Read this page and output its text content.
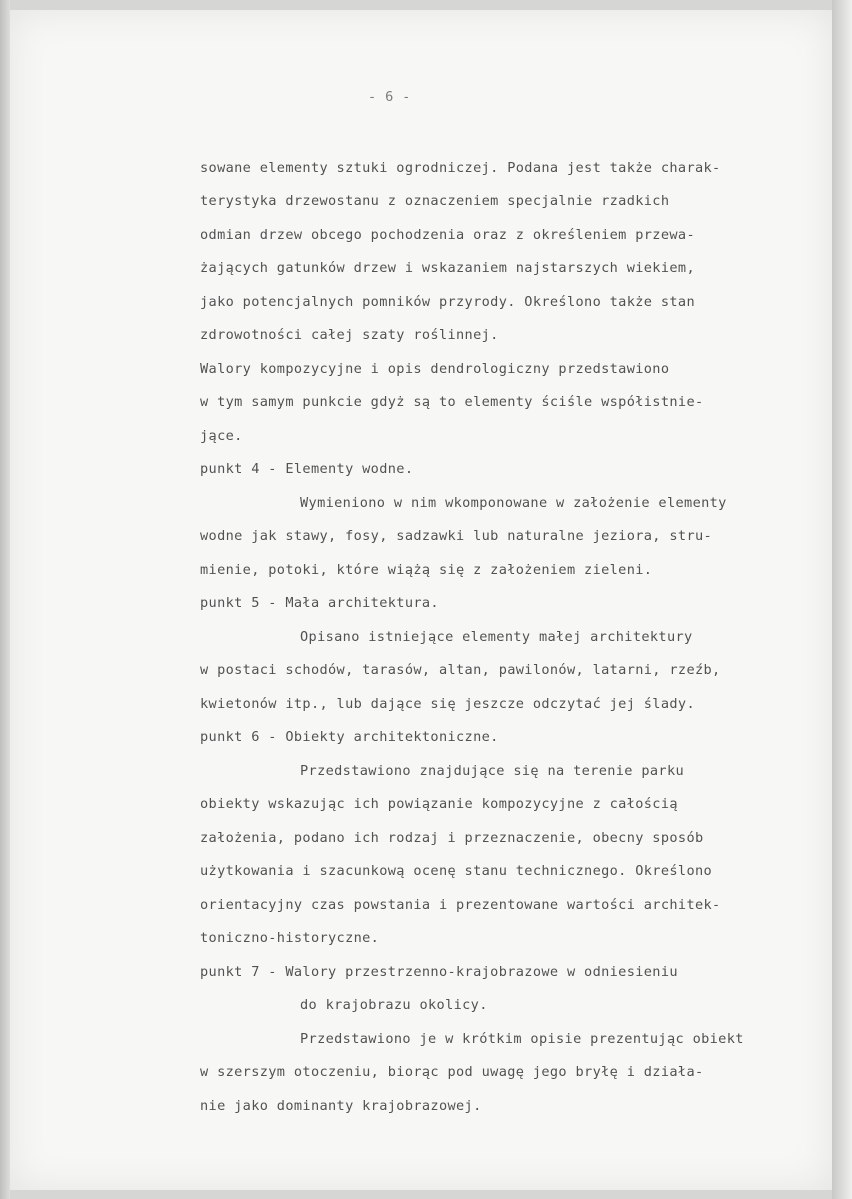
- 6 -
sowane elementy sztuki ogrodniczej. Podana jest także charak-
terystyka drzewostanu z oznaczeniem specjalnie rzadkich
odmian drzew obcego pochodzenia oraz z określeniem przewa-
żających gatunków drzew i wskazaniem najstarszych wiekiem,
jako potencjalnych pomników przyrody. Określono także stan
zdrowotności całej szaty roślinnej.
Walory kompozycyjne i opis dendrologiczny przedstawiono
w tym samym punkcie gdyż są to elementy ściśle współistnie-
jące.
punkt 4 - Elementy wodne.
Wymieniono w nim wkomponowane w założenie elementy
wodne jak stawy, fosy, sadzawki lub naturalne jeziora, stru-
mienie, potoki, które wiążą się z założeniem zieleni.
punkt 5 - Mała architektura.
Opisano istniejące elementy małej architektury
w postaci schodów, tarasów, altan, pawilonów, latarni, rzeźb,
kwietonów itp., lub dające się jeszcze odczytać jej ślady.
punkt 6 - Obiekty architektoniczne.
Przedstawiono znajdujące się na terenie parku
obiekty wskazując ich powiązanie kompozycyjne z całością
założenia, podano ich rodzaj i przeznaczenie, obecny sposób
użytkowania i szacunkową ocenę stanu technicznego. Określono
orientacyjny czas powstania i prezentowane wartości architek-
toniczno-historyczne.
punkt 7 - Walory przestrzenno-krajobrazowe w odniesieniu
do krajobrazu okolicy.
Przedstawiono je w krótkim opisie prezentując obiekt
w szerszym otoczeniu, biorąc pod uwagę jego bryłę i działa-
nie jako dominanty krajobrazowej.
